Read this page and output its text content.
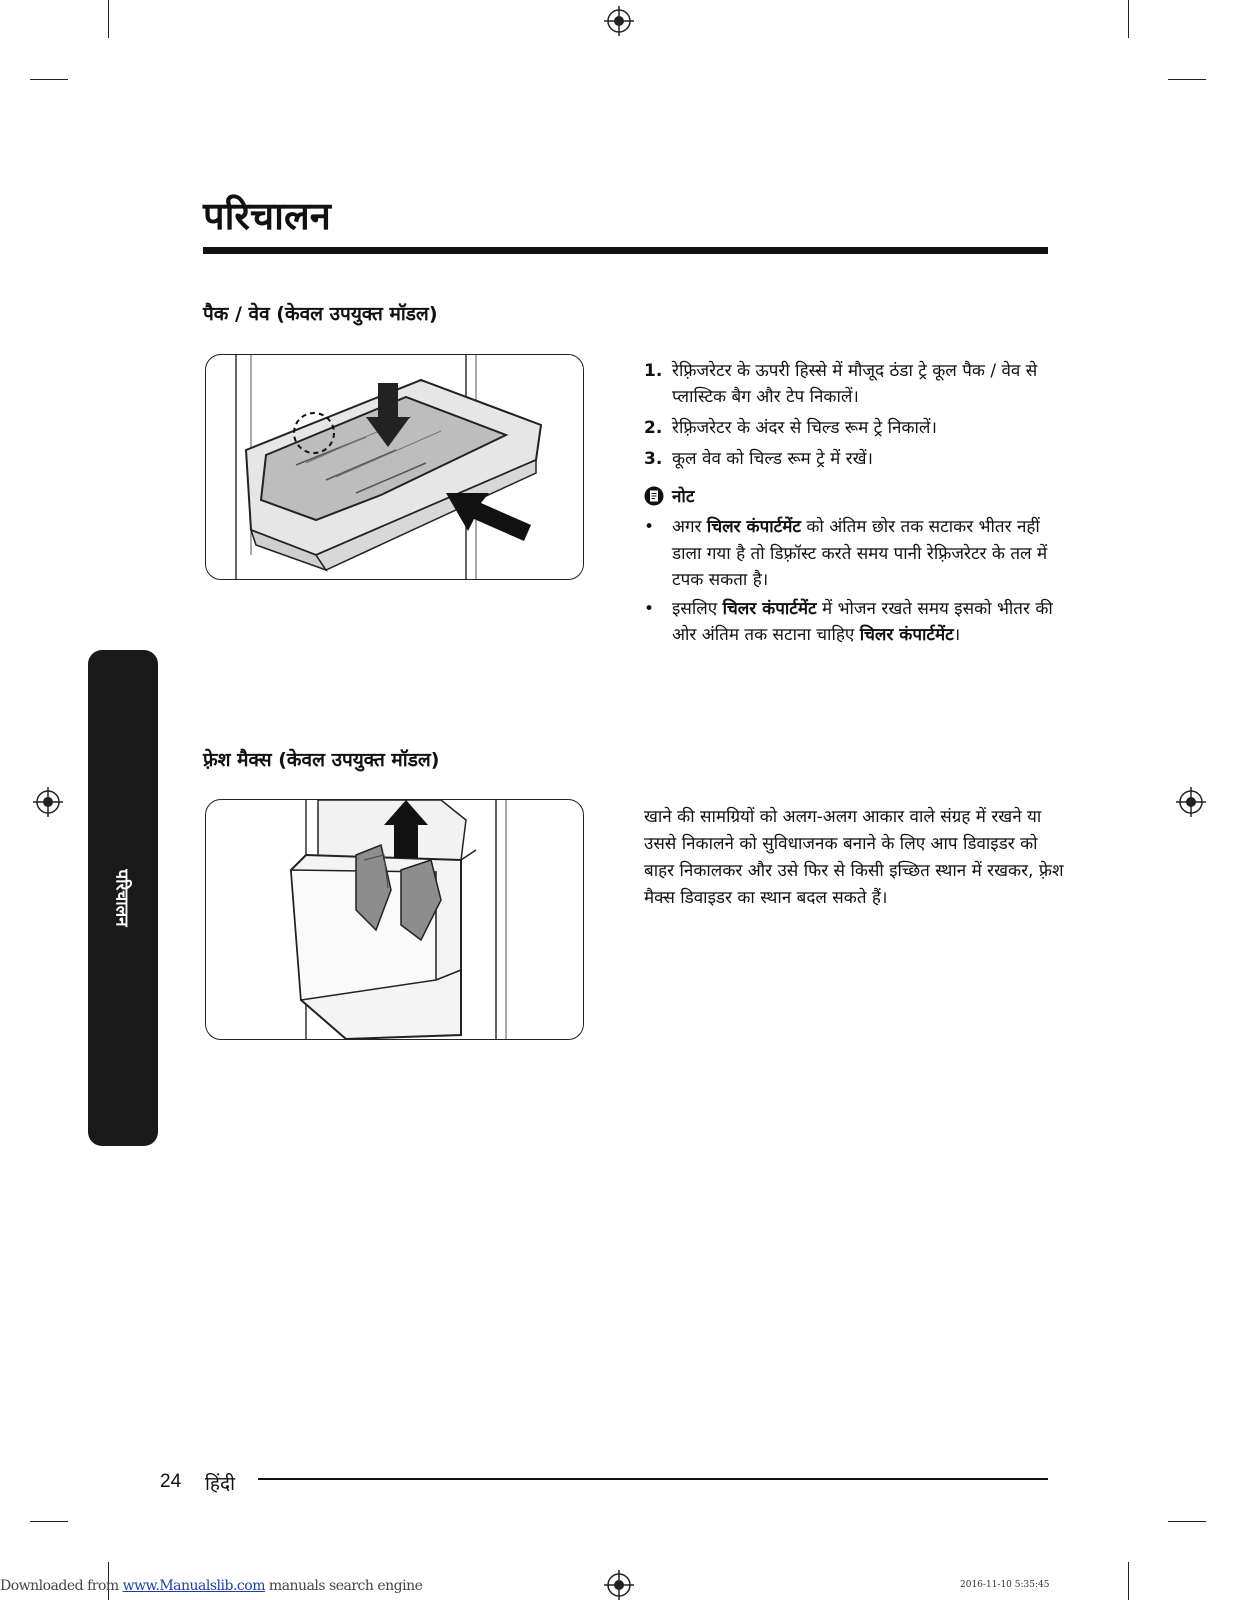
परिचालन
पैक / वेव (केवल उपयुक्त मॉडल)
1. रेफ़्रिजरेटर के ऊपरी हिस्से में मौजूद ठंडा ट्रे कूल पैक / वेव से प्लास्टिक बैग और टेप निकालें।
2. रेफ़्रिजरेटर के अंदर से चिल्ड रूम ट्रे निकालें।
3. कूल वेव को चिल्ड रूम ट्रे में रखें।
नोट
• अगर चिलर कंपार्टमेंट को अंतिम छोर तक सटाकर भीतर नहीं डाला गया है तो डिफ़्रॉस्ट करते समय पानी रेफ़्रिजरेटर के तल में टपक सकता है।
• इसलिए चिलर कंपार्टमेंट में भोजन रखते समय इसको भीतर की ओर अंतिम तक सटाना चाहिए चिलर कंपार्टमेंट।
फ़्रेश मैक्स (केवल उपयुक्त मॉडल)

खाने की सामग्रियों को अलग-अलग आकार वाले संग्रह में रखने या उससे निकालने को सुविधाजनक बनाने के लिए आप डिवाइडर को बाहर निकालकर और उसे फिर से किसी इच्छित स्थान में रखकर, फ़्रेश मैक्स डिवाइडर का स्थान बदल सकते हैं।

परिचालन
24 हिंदी
Downloaded from www.Manualslib.com manuals search engine	2016-11-10 5:35:45
